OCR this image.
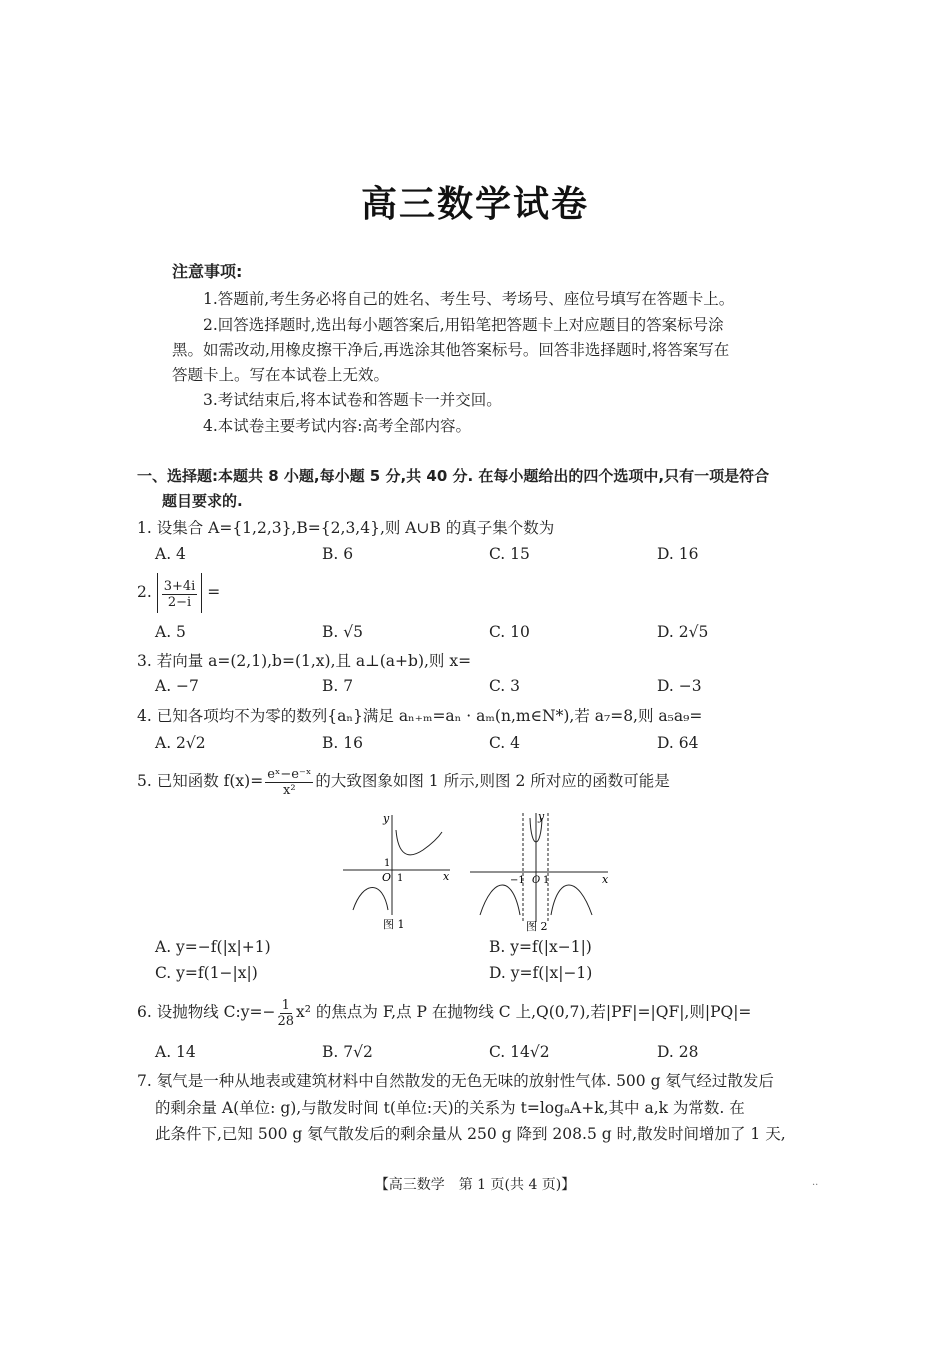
高三数学试卷
注意事项:
1.答题前,考生务必将自己的姓名、考生号、考场号、座位号填写在答题卡上。
2.回答选择题时,选出每小题答案后,用铅笔把答题卡上对应题目的答案标号涂
黑。如需改动,用橡皮擦干净后,再选涂其他答案标号。回答非选择题时,将答案写在
答题卡上。写在本试卷上无效。
3.考试结束后,将本试卷和答题卡一并交回。
4.本试卷主要考试内容:高考全部内容。
一、选择题:本题共 8 小题,每小题 5 分,共 40 分. 在每小题给出的四个选项中,只有一项是符合
题目要求的.
1. 设集合 A={1,2,3},B={2,3,4},则 A∪B 的真子集个数为
A. 4	B. 6	C. 15	D. 16
2. $\frac{3+4i}{2-i}$ =
A. 5	B. √5	C. 10	D. 2√5
3. 若向量 a=(2,1),b=(1,x),且 a⊥(a+b),则 x=
A. −7	B. 7	C. 3	D. −3
4. 已知各项均不为零的数列{aₙ}满足 aₙ₊ₘ=aₙ · aₘ(n,m∈N*),若 a₇=8,则 a₅a₉=
A. 2√2	B. 16	C. 4	D. 64
5. 已知函数 $f(x)= \frac{\text{eˣ−e⁻ˣ}}{\text{x²}}$ 的大致图象如图 1 所示,则图 2 所对应的函数可能是
x
y
O 1
1
图 1
x
y
−1 O 1
图 2
A. y=−f(|x|+1)	B. y=f(|x−1|)
C. y=f(1−|x|)	D. y=f(|x|−1)
6. 设抛物线 C:y=− $\frac{1}{28} x^2$ 的焦点为 F,点 P 在抛物线 C 上,Q(0,7),若|PF|=|QF|,则|PQ|=
A. 14	B. 7√2	C. 14√2	D. 28
7. 氡气是一种从地表或建筑材料中自然散发的无色无味的放射性气体. 500 g 氡气经过散发后
的剩余量 A(单位: g),与散发时间 t(单位:天)的关系为 t=logₐA+k,其中 a,k 为常数. 在
此条件下,已知 500 g 氡气散发后的剩余量从 250 g 降到 208.5 g 时,散发时间增加了 1 天,
【高三数学　第 1 页(共 4 页)】	··
